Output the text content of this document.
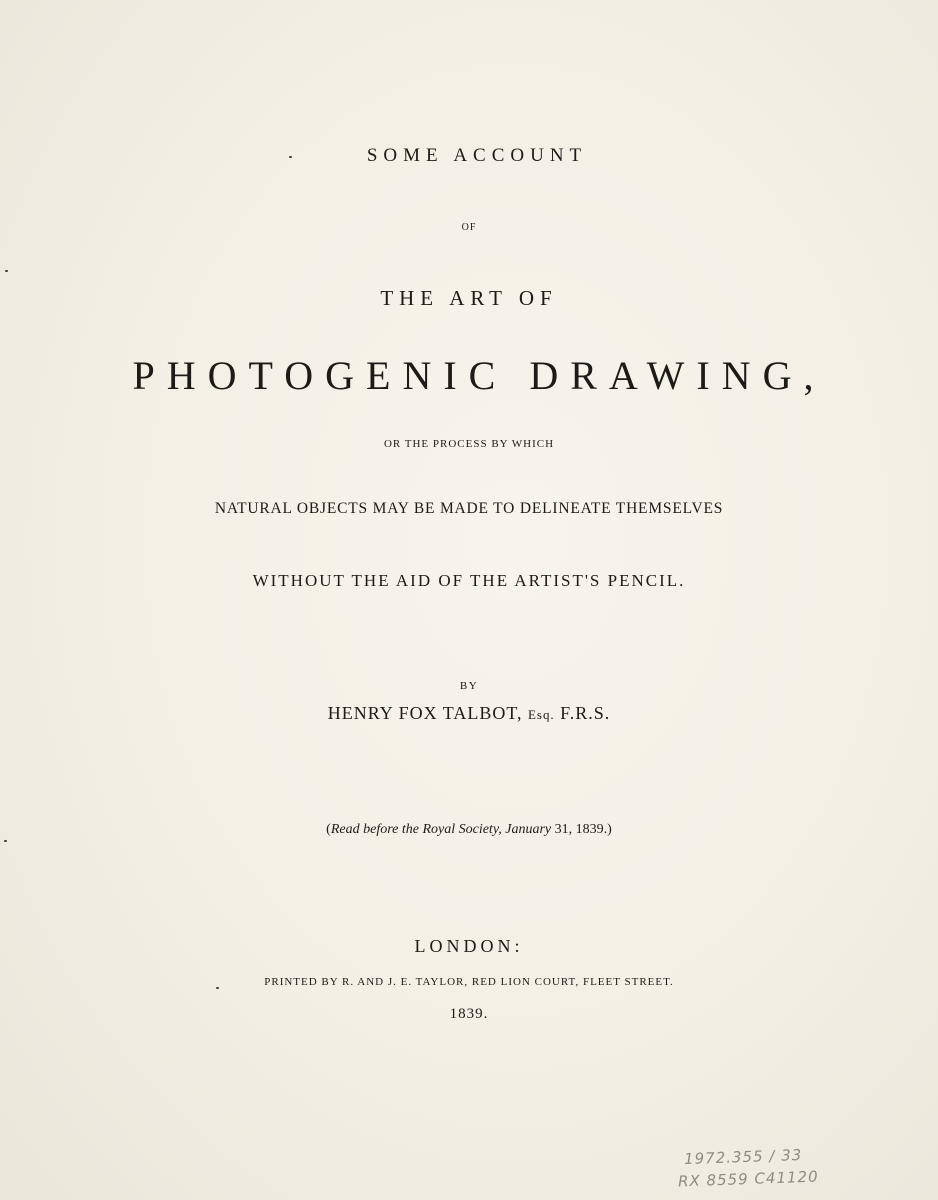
SOME ACCOUNT
OF
THE ART OF
PHOTOGENIC DRAWING,
OR THE PROCESS BY WHICH
NATURAL OBJECTS MAY BE MADE TO DELINEATE THEMSELVES
WITHOUT THE AID OF THE ARTIST'S PENCIL.
BY
HENRY FOX TALBOT, Esq. F.R.S.
(Read before the Royal Society, January 31, 1839.)
LONDON:
PRINTED BY R. AND J. E. TAYLOR, RED LION COURT, FLEET STREET.
1839.
1972.355 / 33
RX 8559 C41120
